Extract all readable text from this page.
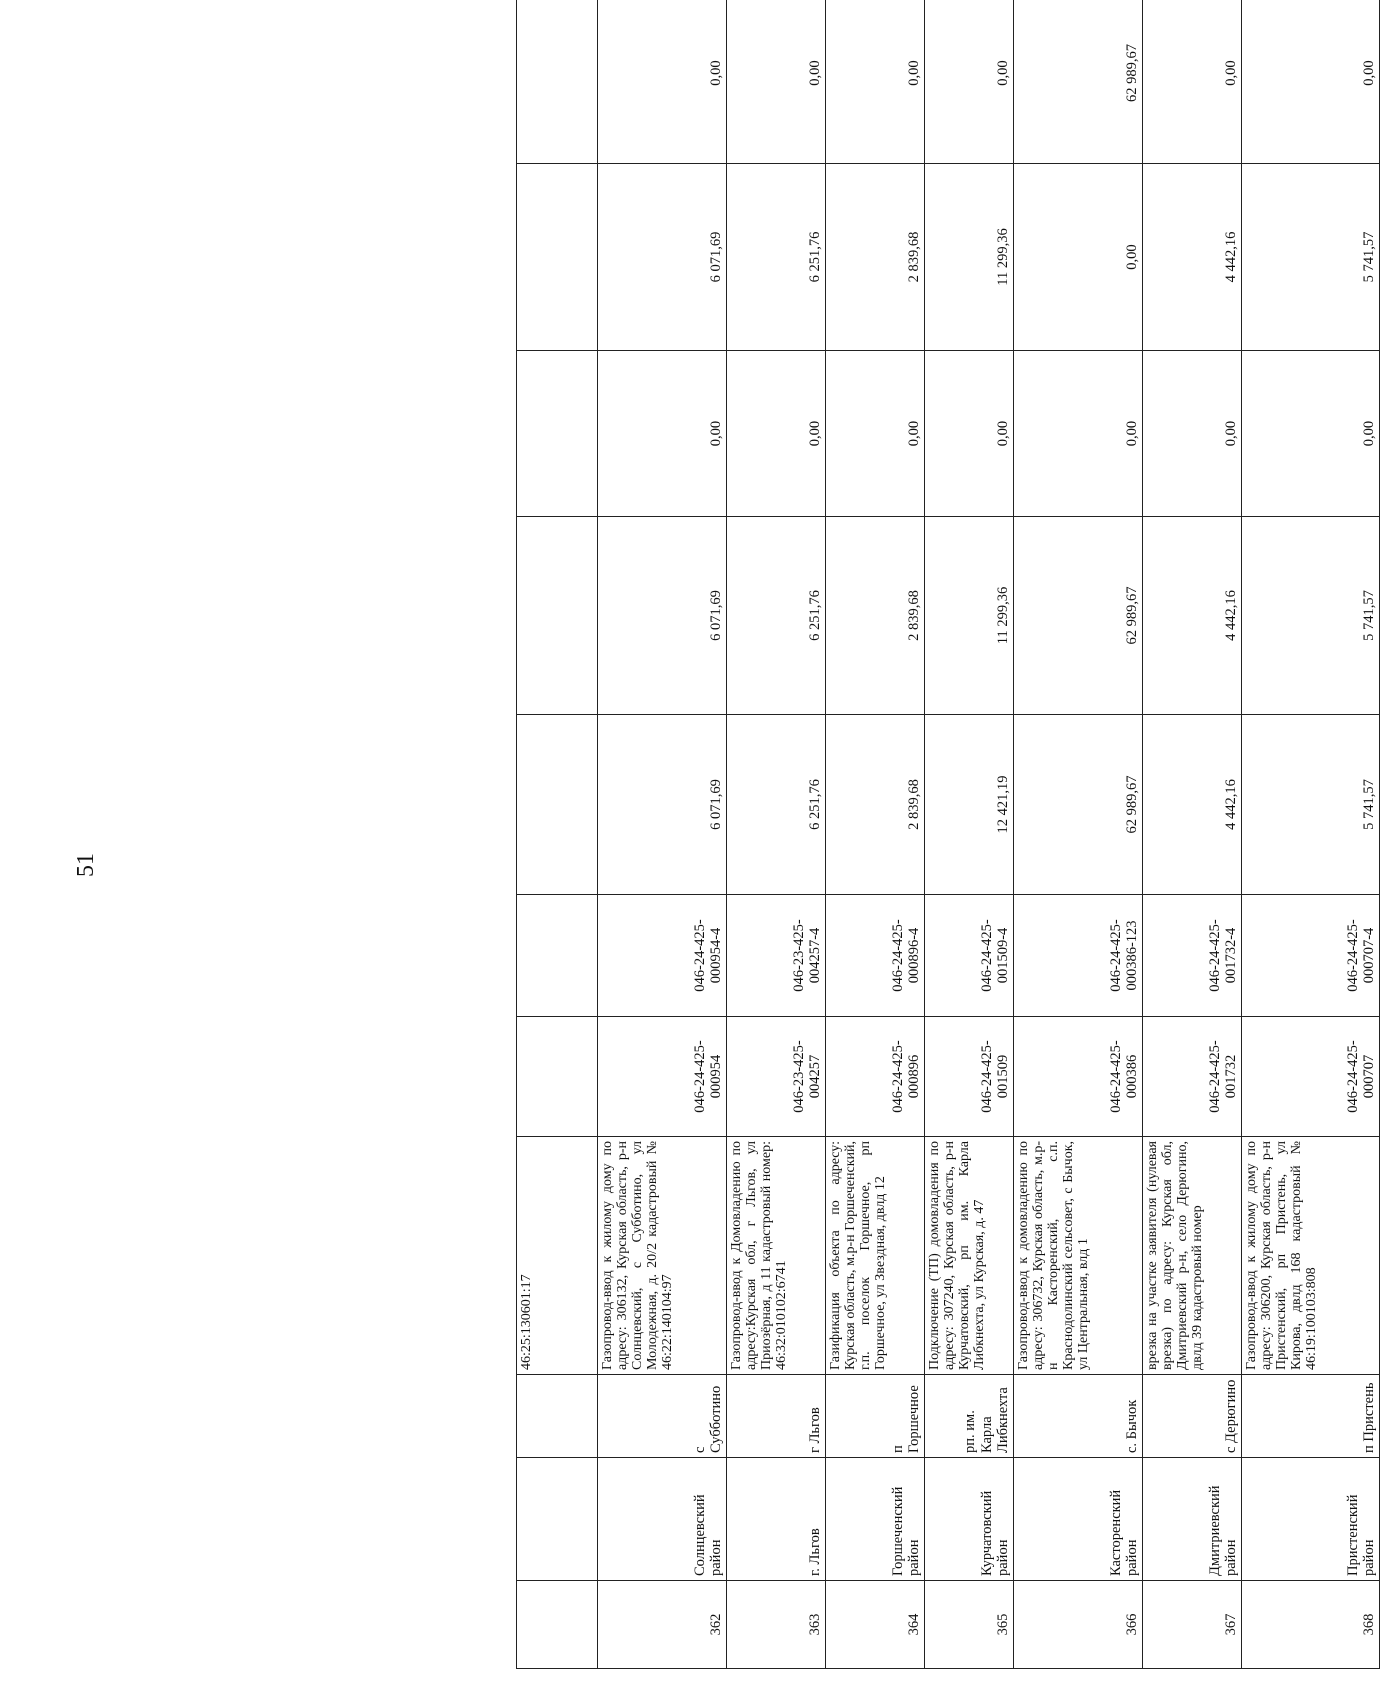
51
			46:25:130601:17								
362	Солнцевский район	с Субботино	Газопровод-ввод к жилому дому по адресу: 306132, Курская область, р-н Солнцевский, с Суббoтино, ул Молодежная, д. 20/2 кадастровый № 46:22:140104:97	046-24-425-000954	046-24-425-000954-4	6 071,69	6 071,69	0,00	6 071,69	0,00	
363	г. Льгов	г Льгов	Газопровод-ввод к Домовладению по адресу:Курская обл, г Льгов, ул Приозёрная, д 11 кадастровый номер: 46:32:010102:6741	046-23-425-004257	046-23-425-004257-4	6 251,76	6 251,76	0,00	6 251,76	0,00	
364	Горшеченский район	п Горшечное	Газификация объекта по адресу: Курская область, м.р-н Горшеченский, г.п. поселок Горшечное, рп Горшечное, ул Звездная, двлд 12	046-24-425-000896	046-24-425-000896-4	2 839,68	2 839,68	0,00	2 839,68	0,00	
365	Курчатовский район	рп. им. Карла Либкнехта	Подключение (ТП) домовладения по адресу: 307240, Курская область, р-н Курчатовский, рп им. Карла Либкнехта, ул Курская, д. 47	046-24-425-001509	046-24-425-001509-4	12 421,19	11 299,36	0,00	11 299,36	0,00	
366	Касторенский район	с. Бычок	Газопровод-ввод к домовладению по адресу: 306732, Курская область, м.р-н Касторенский, с.п. Краснодолинский сельсовет, с Бычок, ул Центральная, влд 1	046-24-425-000386	046-24-425-000386-123	62 989,67	62 989,67	0,00	0,00	62 989,67	
367	Дмитриевский район	с Дерюгино	врезка на участке заявителя (нулевая врезка) по адресу: Курская обл, Дмитриевский р-н, село Дерюгино, двлд 39 кадастровый номер	046-24-425-001732	046-24-425-001732-4	4 442,16	4 442,16	0,00	4 442,16	0,00	
368	Пристенский район	п Пристень	Газопровод-ввод к жилому дому по адресу: 306200, Курская область, р-н Пристенский, рп Пристень, ул Кирова, двлд 168 кадастровый № 46:19:100103:808	046-24-425-000707	046-24-425-000707-4	5 741,57	5 741,57	0,00	5 741,57	0,00	
